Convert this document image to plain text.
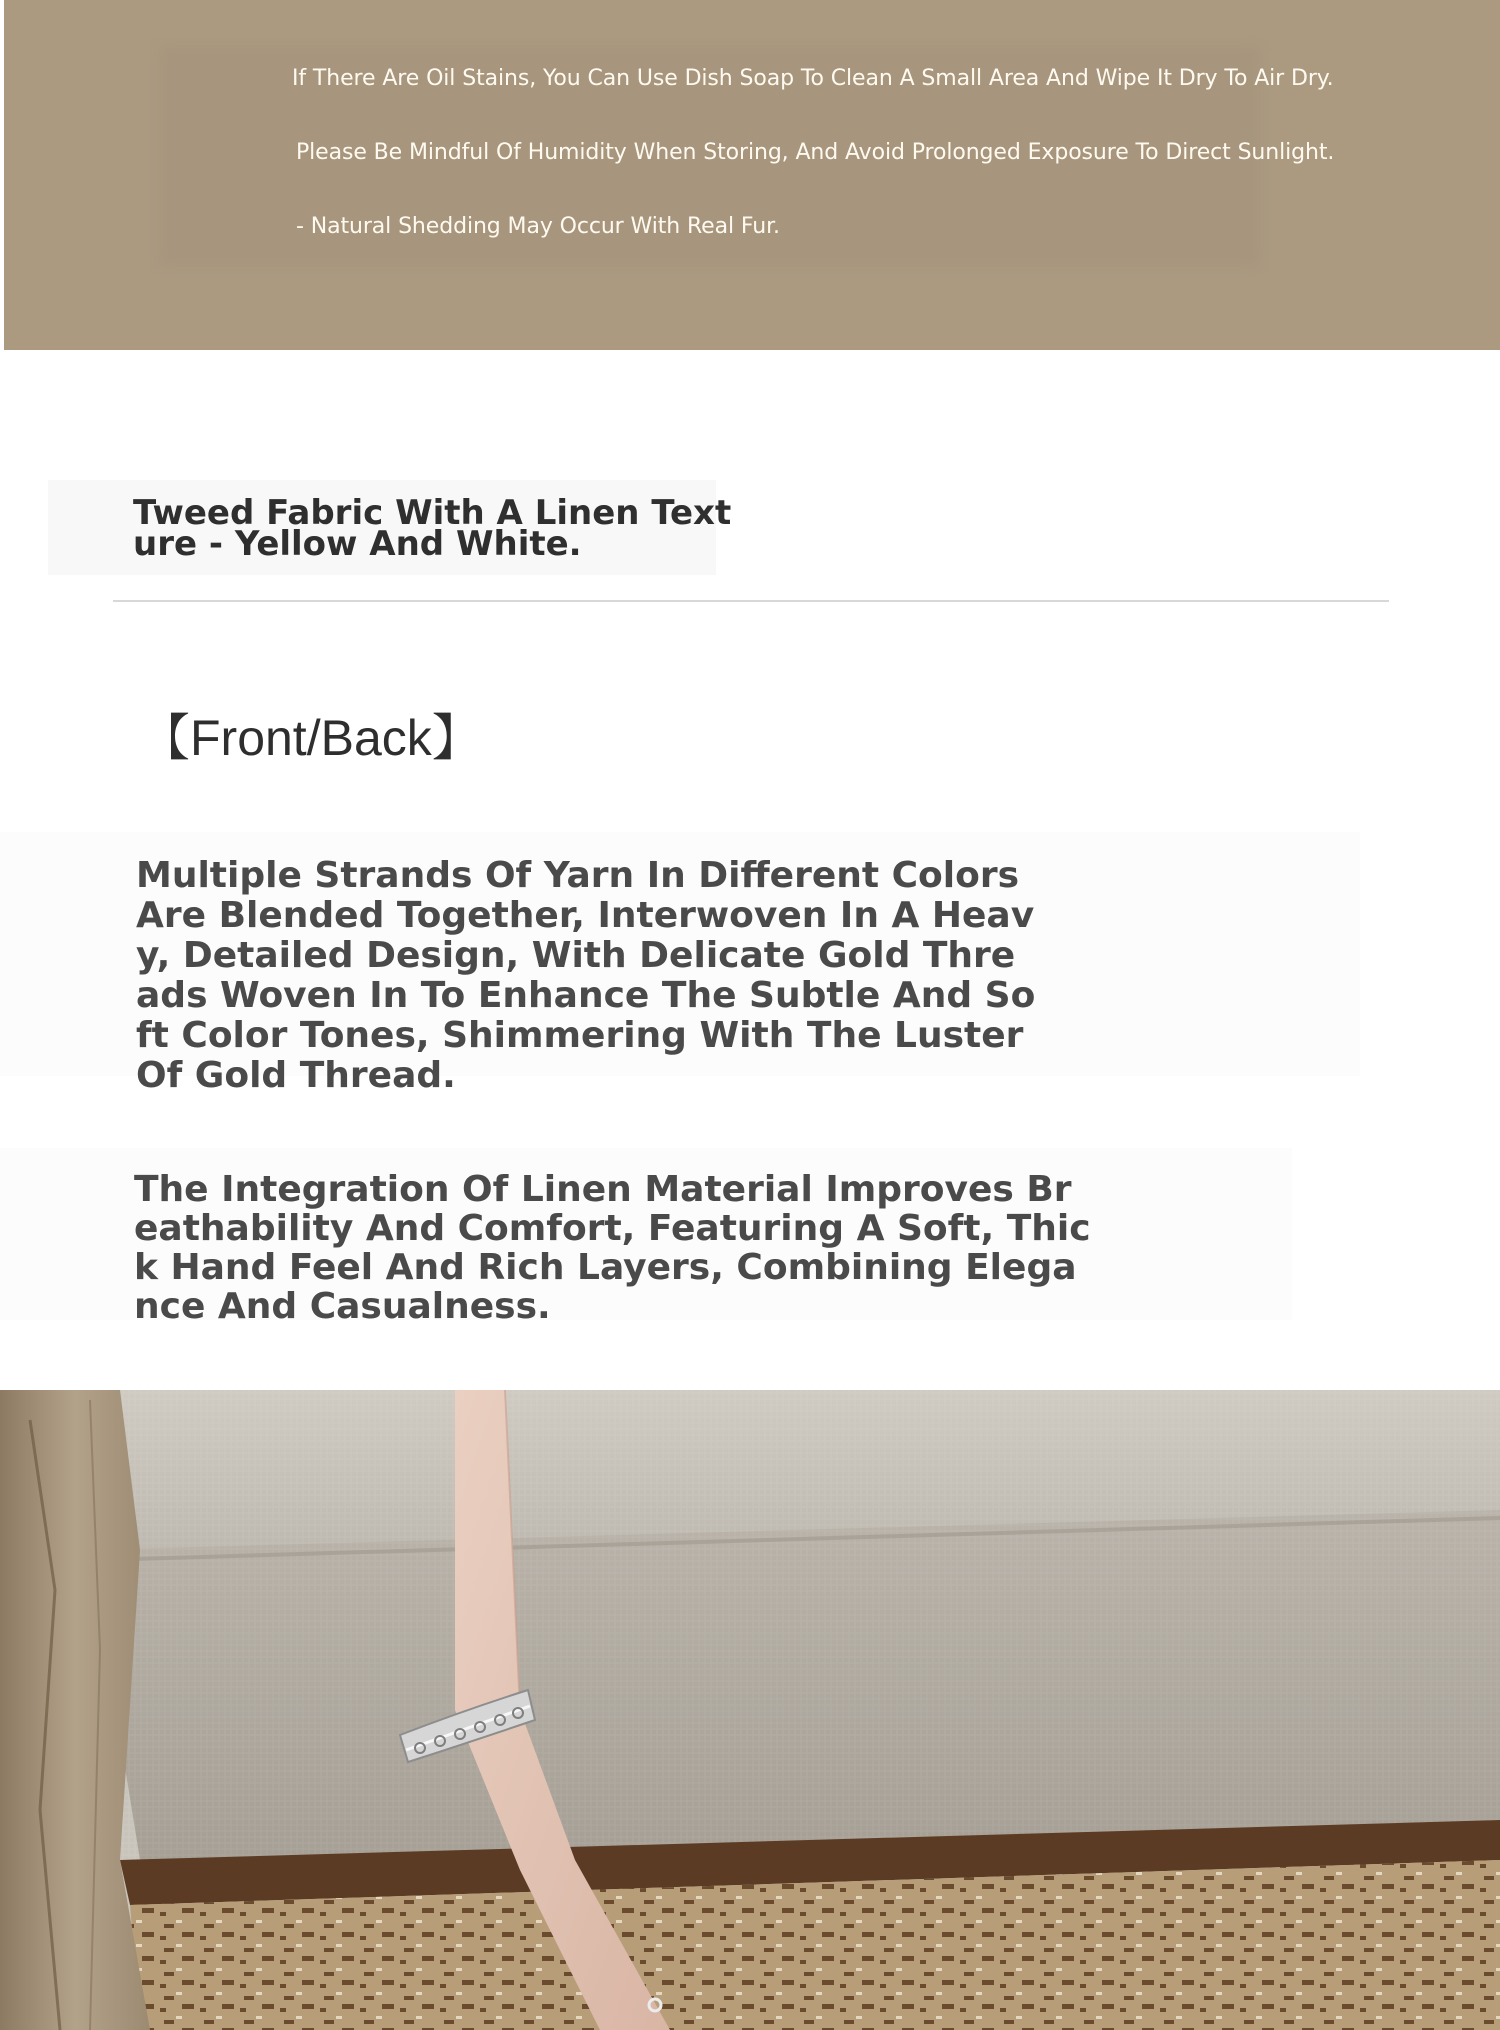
If There Are Oil Stains, You Can Use Dish Soap To Clean A Small Area And Wipe It Dry To Air Dry.
Please Be Mindful Of Humidity When Storing, And Avoid Prolonged Exposure To Direct Sunlight.
- Natural Shedding May Occur With Real Fur.
Tweed Fabric With A Linen Texture - Yellow And White.
【Front/Back】

Multiple Strands Of Yarn In Different Colors Are Blended Together, Interwoven In A Heavy, Detailed Design, With Delicate Gold Threads Woven In To Enhance The Subtle And Soft Color Tones, Shimmering With The Luster Of Gold Thread.

The Integration Of Linen Material Improves Breathability And Comfort, Featuring A Soft, Thick Hand Feel And Rich Layers, Combining Elegance And Casualness.
